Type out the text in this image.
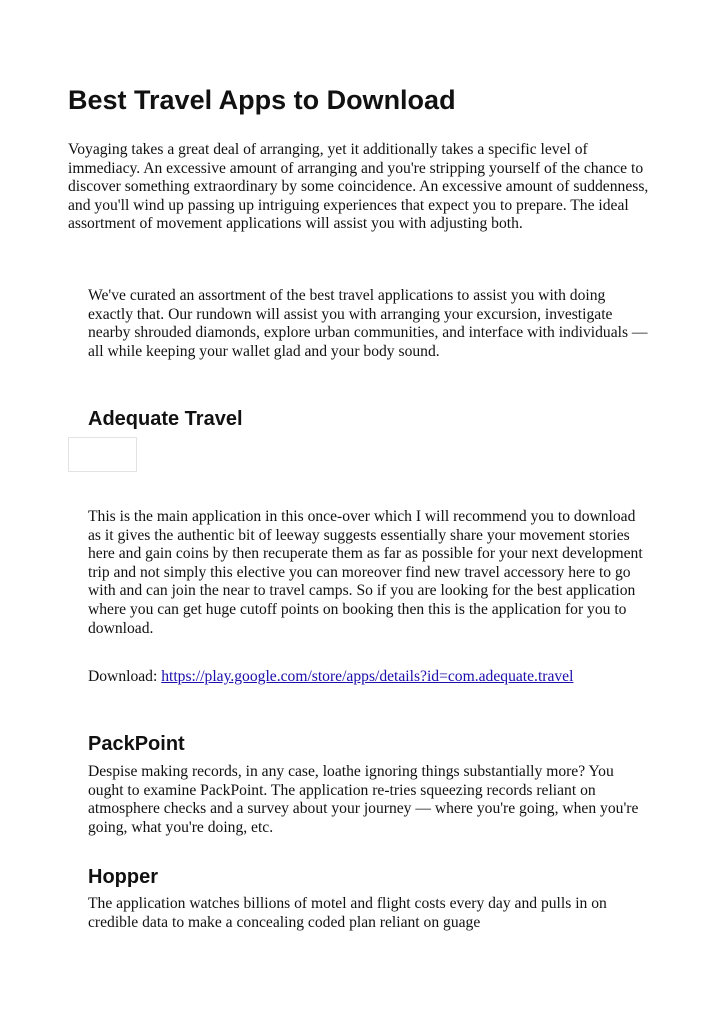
Best Travel Apps to Download

Voyaging takes a great deal of arranging, yet it additionally takes a specific level of immediacy. An excessive amount of arranging and you're stripping yourself of the chance to discover something extraordinary by some coincidence. An excessive amount of suddenness, and you'll wind up passing up intriguing experiences that expect you to prepare. The ideal assortment of movement applications will assist you with adjusting both.

We've curated an assortment of the best travel applications to assist you with doing exactly that. Our rundown will assist you with arranging your excursion, investigate nearby shrouded diamonds, explore urban communities, and interface with individuals — all while keeping your wallet glad and your body sound.

Adequate Travel

This is the main application in this once-over which I will recommend you to download as it gives the authentic bit of leeway suggests essentially share your movement stories here and gain coins by then recuperate them as far as possible for your next development trip and not simply this elective you can moreover find new travel accessory here to go with and can join the near to travel camps. So if you are looking for the best application where you can get huge cutoff points on booking then this is the application for you to download.

Download: https://play.google.com/store/apps/details?id=com.adequate.travel

PackPoint

Despise making records, in any case, loathe ignoring things substantially more? You ought to examine PackPoint. The application re-tries squeezing records reliant on atmosphere checks and a survey about your journey — where you're going, when you're going, what you're doing, etc.

Hopper

The application watches billions of motel and flight costs every day and pulls in on credible data to make a concealing coded plan reliant on guage
